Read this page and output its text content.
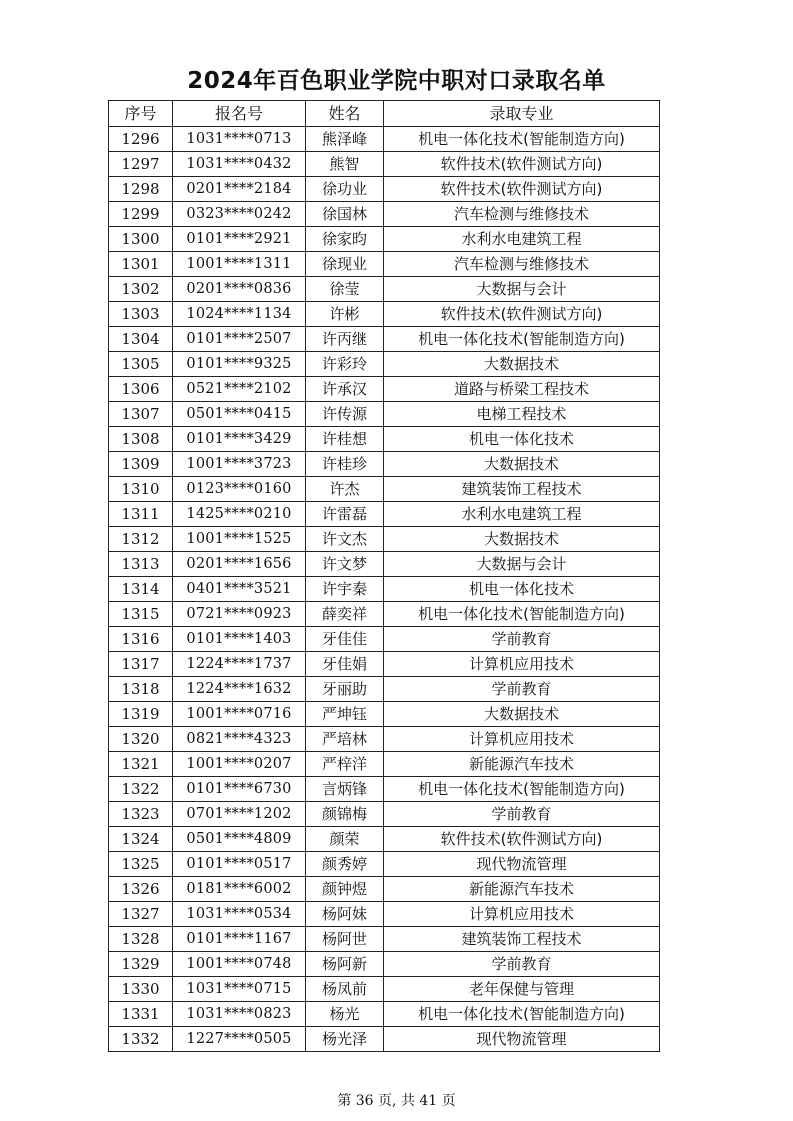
2024年百色职业学院中职对口录取名单
序号	报名号	姓名	录取专业
1296	1031****0713	熊泽峰	机电一体化技术(智能制造方向)
1297	1031****0432	熊智	软件技术(软件测试方向)
1298	0201****2184	徐功业	软件技术(软件测试方向)
1299	0323****0242	徐国林	汽车检测与维修技术
1300	0101****2921	徐家昀	水利水电建筑工程
1301	1001****1311	徐现业	汽车检测与维修技术
1302	0201****0836	徐莹	大数据与会计
1303	1024****1134	许彬	软件技术(软件测试方向)
1304	0101****2507	许丙继	机电一体化技术(智能制造方向)
1305	0101****9325	许彩玲	大数据技术
1306	0521****2102	许承汉	道路与桥梁工程技术
1307	0501****0415	许传源	电梯工程技术
1308	0101****3429	许桂想	机电一体化技术
1309	1001****3723	许桂珍	大数据技术
1310	0123****0160	许杰	建筑装饰工程技术
1311	1425****0210	许雷磊	水利水电建筑工程
1312	1001****1525	许文杰	大数据技术
1313	0201****1656	许文梦	大数据与会计
1314	0401****3521	许宇秦	机电一体化技术
1315	0721****0923	薛奕祥	机电一体化技术(智能制造方向)
1316	0101****1403	牙佳佳	学前教育
1317	1224****1737	牙佳娟	计算机应用技术
1318	1224****1632	牙丽助	学前教育
1319	1001****0716	严坤钰	大数据技术
1320	0821****4323	严培林	计算机应用技术
1321	1001****0207	严梓洋	新能源汽车技术
1322	0101****6730	言炳锋	机电一体化技术(智能制造方向)
1323	0701****1202	颜锦梅	学前教育
1324	0501****4809	颜荣	软件技术(软件测试方向)
1325	0101****0517	颜秀婷	现代物流管理
1326	0181****6002	颜钟煜	新能源汽车技术
1327	1031****0534	杨阿妹	计算机应用技术
1328	0101****1167	杨阿世	建筑装饰工程技术
1329	1001****0748	杨阿新	学前教育
1330	1031****0715	杨凤前	老年保健与管理
1331	1031****0823	杨光	机电一体化技术(智能制造方向)
1332	1227****0505	杨光泽	现代物流管理
第 36 页, 共 41 页
